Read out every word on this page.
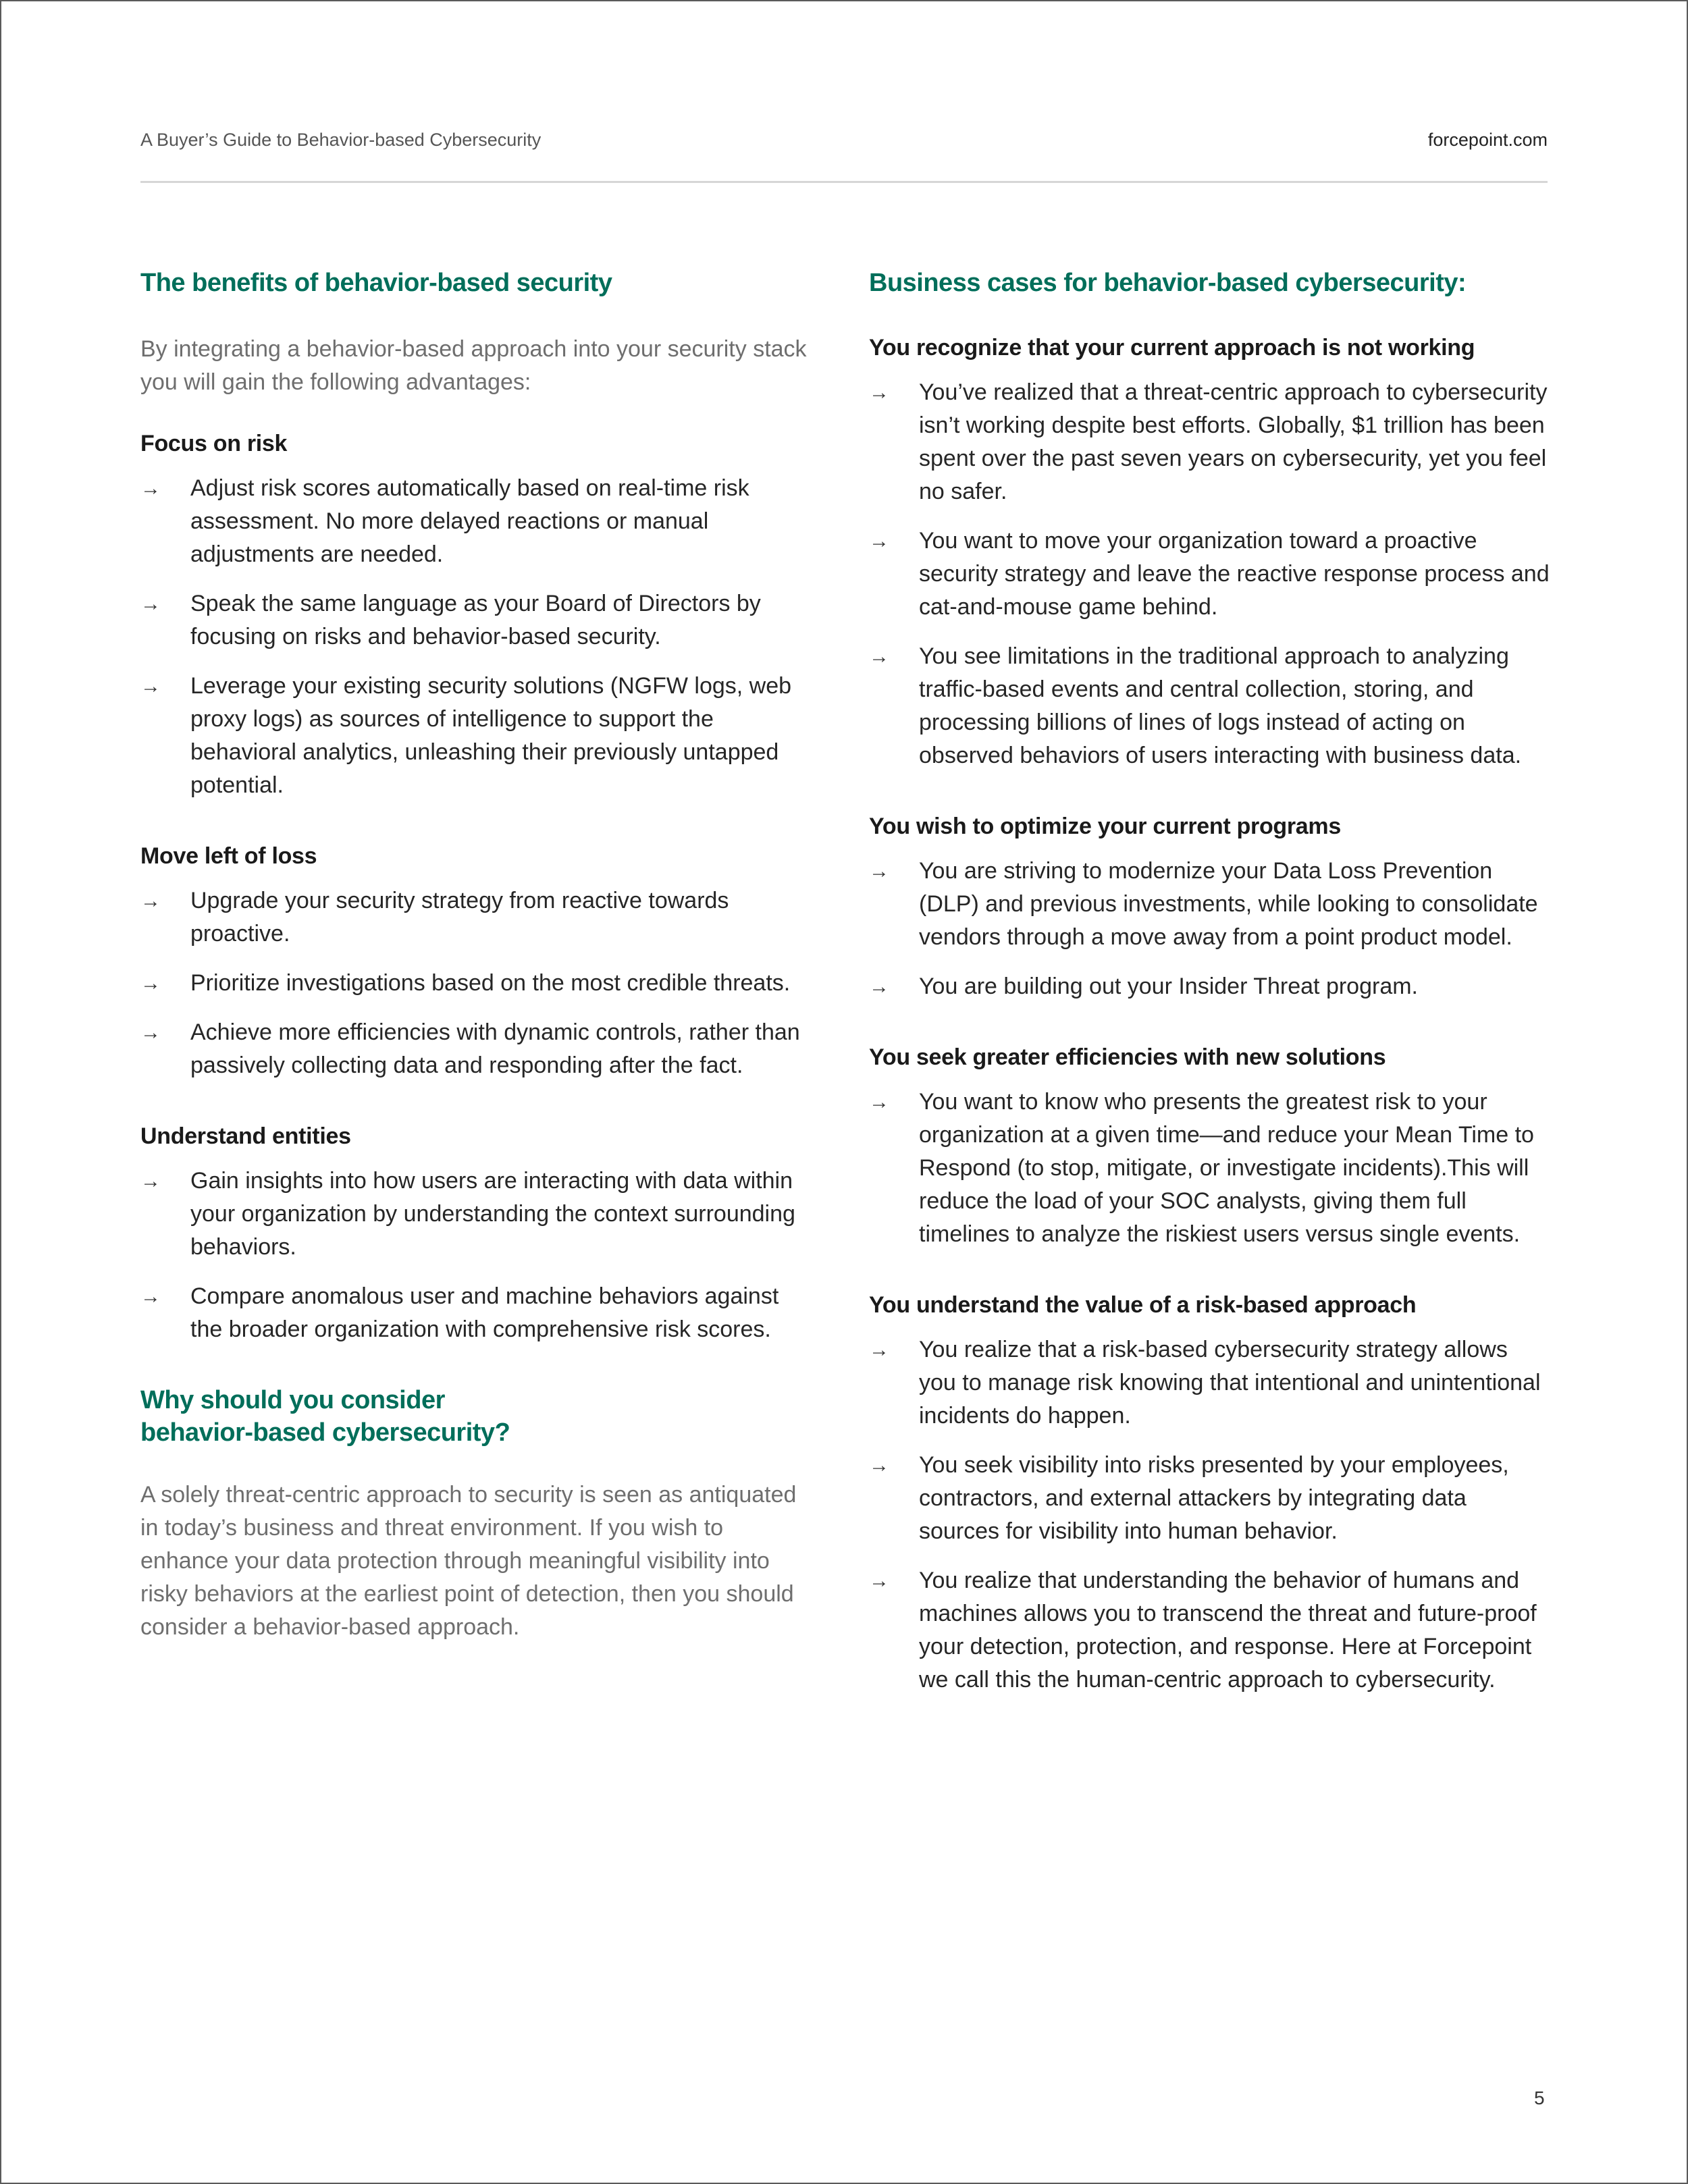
A Buyer’s Guide to Behavior-based Cybersecurity	forcepoint.com
The benefits of behavior-based security

By integrating a behavior-based approach into your security stack you will gain the following advantages:

Focus on risk
→ Adjust risk scores automatically based on real-time risk assessment. No more delayed reactions or manual adjustments are needed.
→ Speak the same language as your Board of Directors by focusing on risks and behavior-based security.
→ Leverage your existing security solutions (NGFW logs, web proxy logs) as sources of intelligence to support the behavioral analytics, unleashing their previously untapped potential.
Move left of loss
→ Upgrade your security strategy from reactive towards proactive.
→ Prioritize investigations based on the most credible threats.
→ Achieve more efficiencies with dynamic controls, rather than passively collecting data and responding after the fact.
Understand entities
→ Gain insights into how users are interacting with data within your organization by understanding the context surrounding behaviors.
→ Compare anomalous user and machine behaviors against the broader organization with comprehensive risk scores.
Why should you consider
behavior-based cybersecurity?

A solely threat-centric approach to security is seen as antiquated in today’s business and threat environment. If you wish to enhance your data protection through meaningful visibility into risky behaviors at the earliest point of detection, then you should consider a behavior-based approach.

Business cases for behavior-based cybersecurity:
You recognize that your current approach is not working
→ You’ve realized that a threat-centric approach to cybersecurity isn’t working despite best efforts. Globally, $1 trillion has been spent over the past seven years on cybersecurity, yet you feel no safer.
→ You want to move your organization toward a proactive security strategy and leave the reactive response process and cat-and-mouse game behind.
→ You see limitations in the traditional approach to analyzing traffic-based events and central collection, storing, and processing billions of lines of logs instead of acting on observed behaviors of users interacting with business data.
You wish to optimize your current programs
→ You are striving to modernize your Data Loss Prevention (DLP) and previous investments, while looking to consolidate vendors through a move away from a point product model.
→ You are building out your Insider Threat program.
You seek greater efficiencies with new solutions
→ You want to know who presents the greatest risk to your organization at a given time—and reduce your Mean Time to Respond (to stop, mitigate, or investigate incidents).This will reduce the load of your SOC analysts, giving them full timelines to analyze the riskiest users versus single events.
You understand the value of a risk-based approach
→ You realize that a risk-based cybersecurity strategy allows you to manage risk knowing that intentional and unintentional incidents do happen.
→ You seek visibility into risks presented by your employees, contractors, and external attackers by integrating data sources for visibility into human behavior.
→ You realize that understanding the behavior of humans and machines allows you to transcend the threat and future-proof your detection, protection, and response. Here at Forcepoint we call this the human-centric approach to cybersecurity.
5
